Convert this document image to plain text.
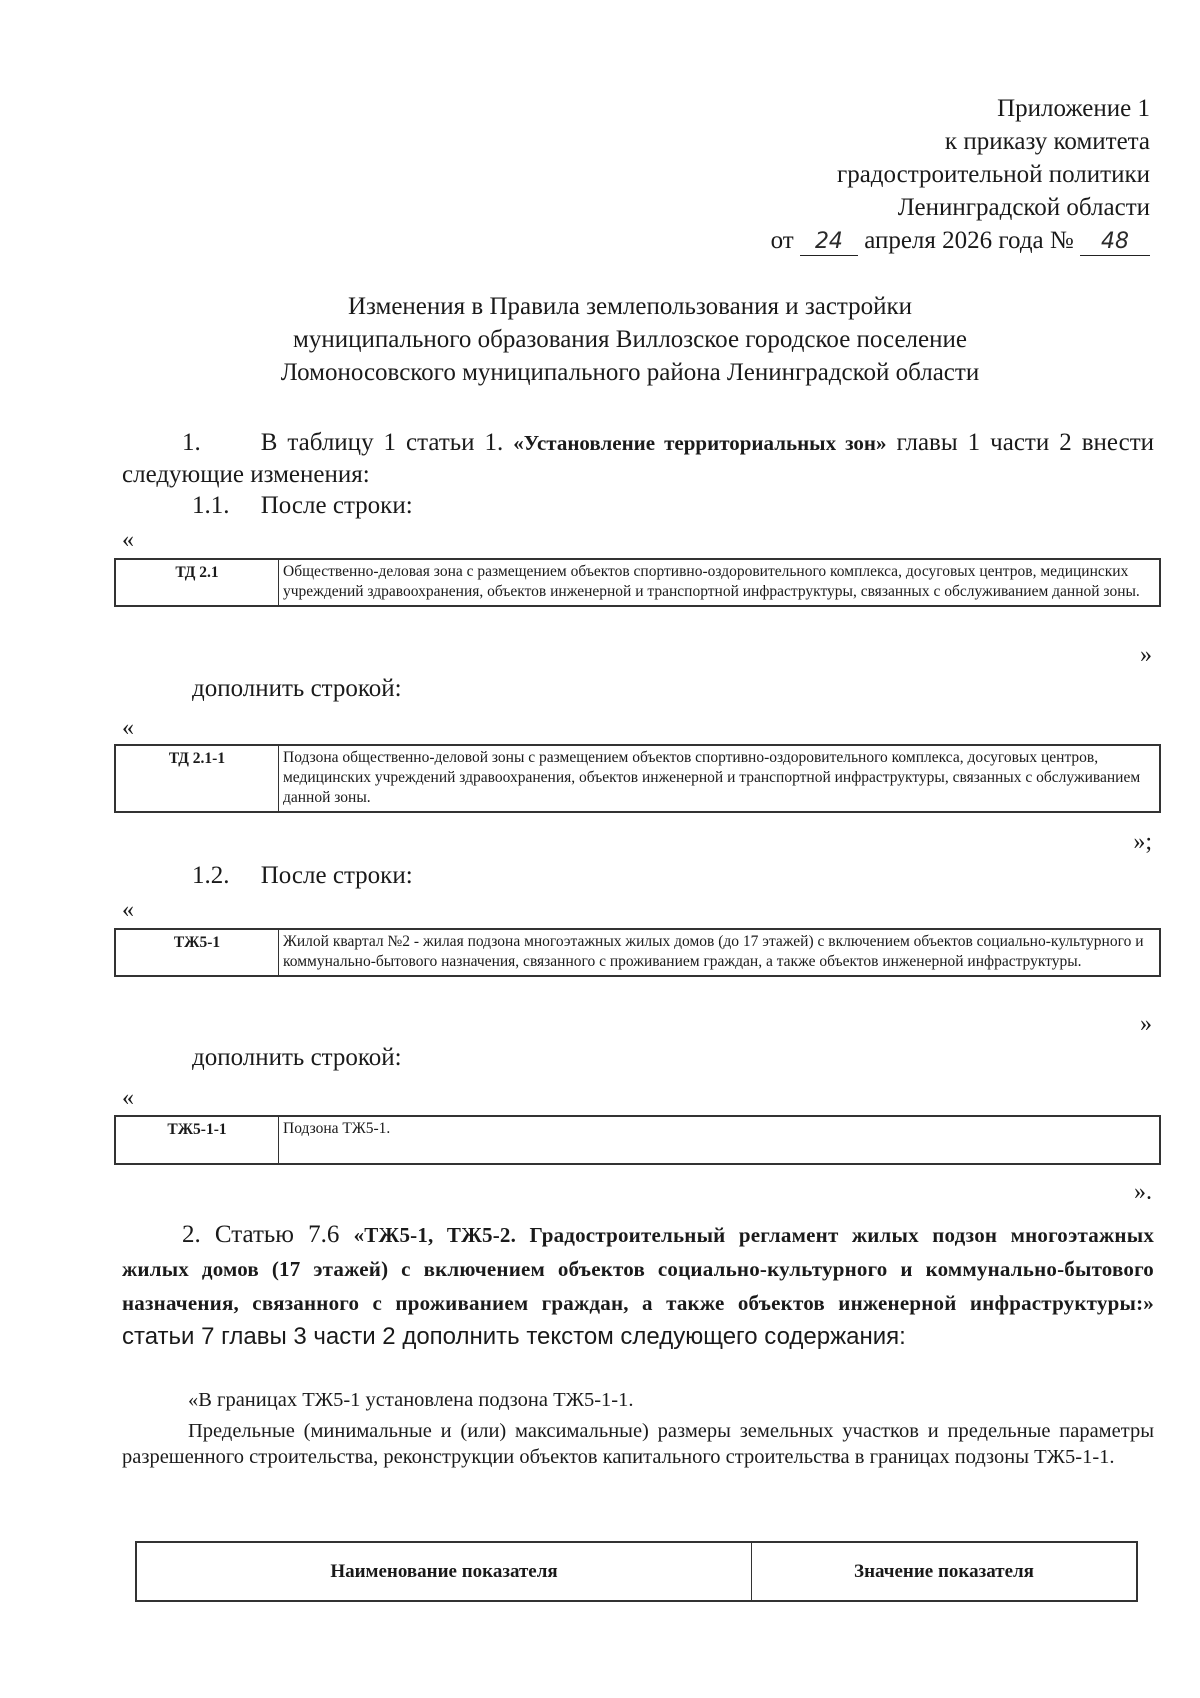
Приложение 1
к приказу комитета
градостроительной политики
Ленинградской области
от 24 апреля 2026 года № 48
Изменения в Правила землепользования и застройки
муниципального образования Виллозское городское поселение
Ломоносовского муниципального района Ленинградской области
1. В таблицу 1 статьи 1. «Установление территориальных зон» главы 1 части 2 внести следующие изменения:
1.1. После строки:
«
ТД 2.1	Общественно-деловая зона с размещением объектов спортивно-оздоровительного комплекса, досуговых центров, медицинских учреждений здравоохранения, объектов инженерной и транспортной инфраструктуры, связанных с обслуживанием данной зоны.
»
дополнить строкой:
«
ТД 2.1-1	Подзона общественно-деловой зоны с размещением объектов спортивно-оздоровительного комплекса, досуговых центров, медицинских учреждений здравоохранения, объектов инженерной и транспортной инфраструктуры, связанных с обслуживанием данной зоны.
»;
1.2. После строки:
«
ТЖ5-1	Жилой квартал №2 - жилая подзона многоэтажных жилых домов (до 17 этажей) с включением объектов социально-культурного и коммунально-бытового назначения, связанного с проживанием граждан, а также объектов инженерной инфраструктуры.
»
дополнить строкой:
«
ТЖ5-1-1	Подзона ТЖ5-1.
».
2. Статью 7.6 «ТЖ5-1, ТЖ5-2. Градостроительный регламент жилых подзон многоэтажных жилых домов (17 этажей) с включением объектов социально-культурного и коммунально-бытового назначения, связанного с проживанием граждан, а также объектов инженерной инфраструктуры:» статьи 7 главы 3 части 2 дополнить текстом следующего содержания:
«В границах ТЖ5-1 установлена подзона ТЖ5-1-1.
Предельные (минимальные и (или) максимальные) размеры земельных участков и предельные параметры разрешенного строительства, реконструкции объектов капитального строительства в границах подзоны ТЖ5-1-1.
Наименование показателя	Значение показателя
